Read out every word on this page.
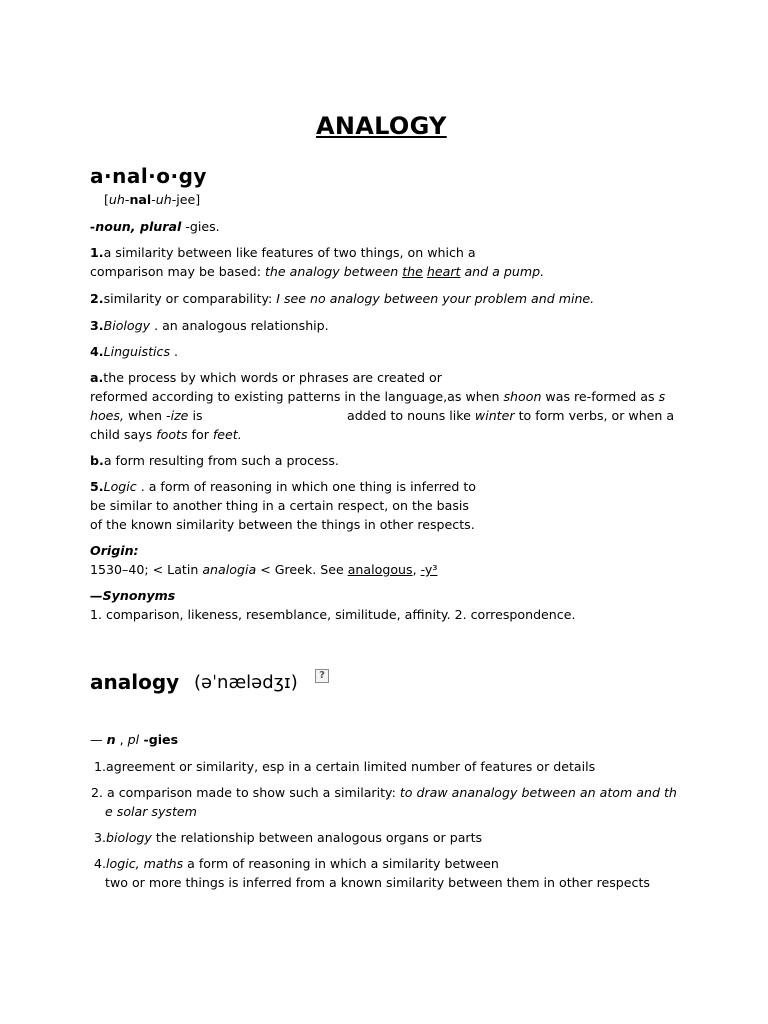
ANALOGY
a·nal·o·gy
[uh-nal-uh-jee]
-noun, plural -gies.
1.a similarity between like features of two things, on which a
comparison may be based: the analogy between the heart and a pump.
2.similarity or comparability: I see no analogy between your problem and mine.
3.Biology . an analogous relationship.
4.Linguistics .
a.the process by which words or phrases are created or
reformed according to existing patterns in the language,as when shoon was re-formed as s
hoes, when -ize is	added to nouns like winter to form verbs, or when a
child says foots for feet.
b.a form resulting from such a process.
5.Logic . a form of reasoning in which one thing is inferred to
be similar to another thing in a certain respect, on the basis
of the known similarity between the things in other respects.
Origin:
1530–40; < Latin analogia < Greek. See analogous, -y³
—Synonyms
1. comparison, likeness, resemblance, similitude, affinity. 2. correspondence.
analogy (əˈnælədʒɪ)	?
— n , pl -gies
1.agreement or similarity, esp in a certain limited number of features or details
2. a comparison made to show such a similarity: to draw ananalogy between an atom and th
e solar system
3.biology the relationship between analogous organs or parts
4.logic, maths a form of reasoning in which a similarity between
two or more things is inferred from a known similarity between them in other respects
